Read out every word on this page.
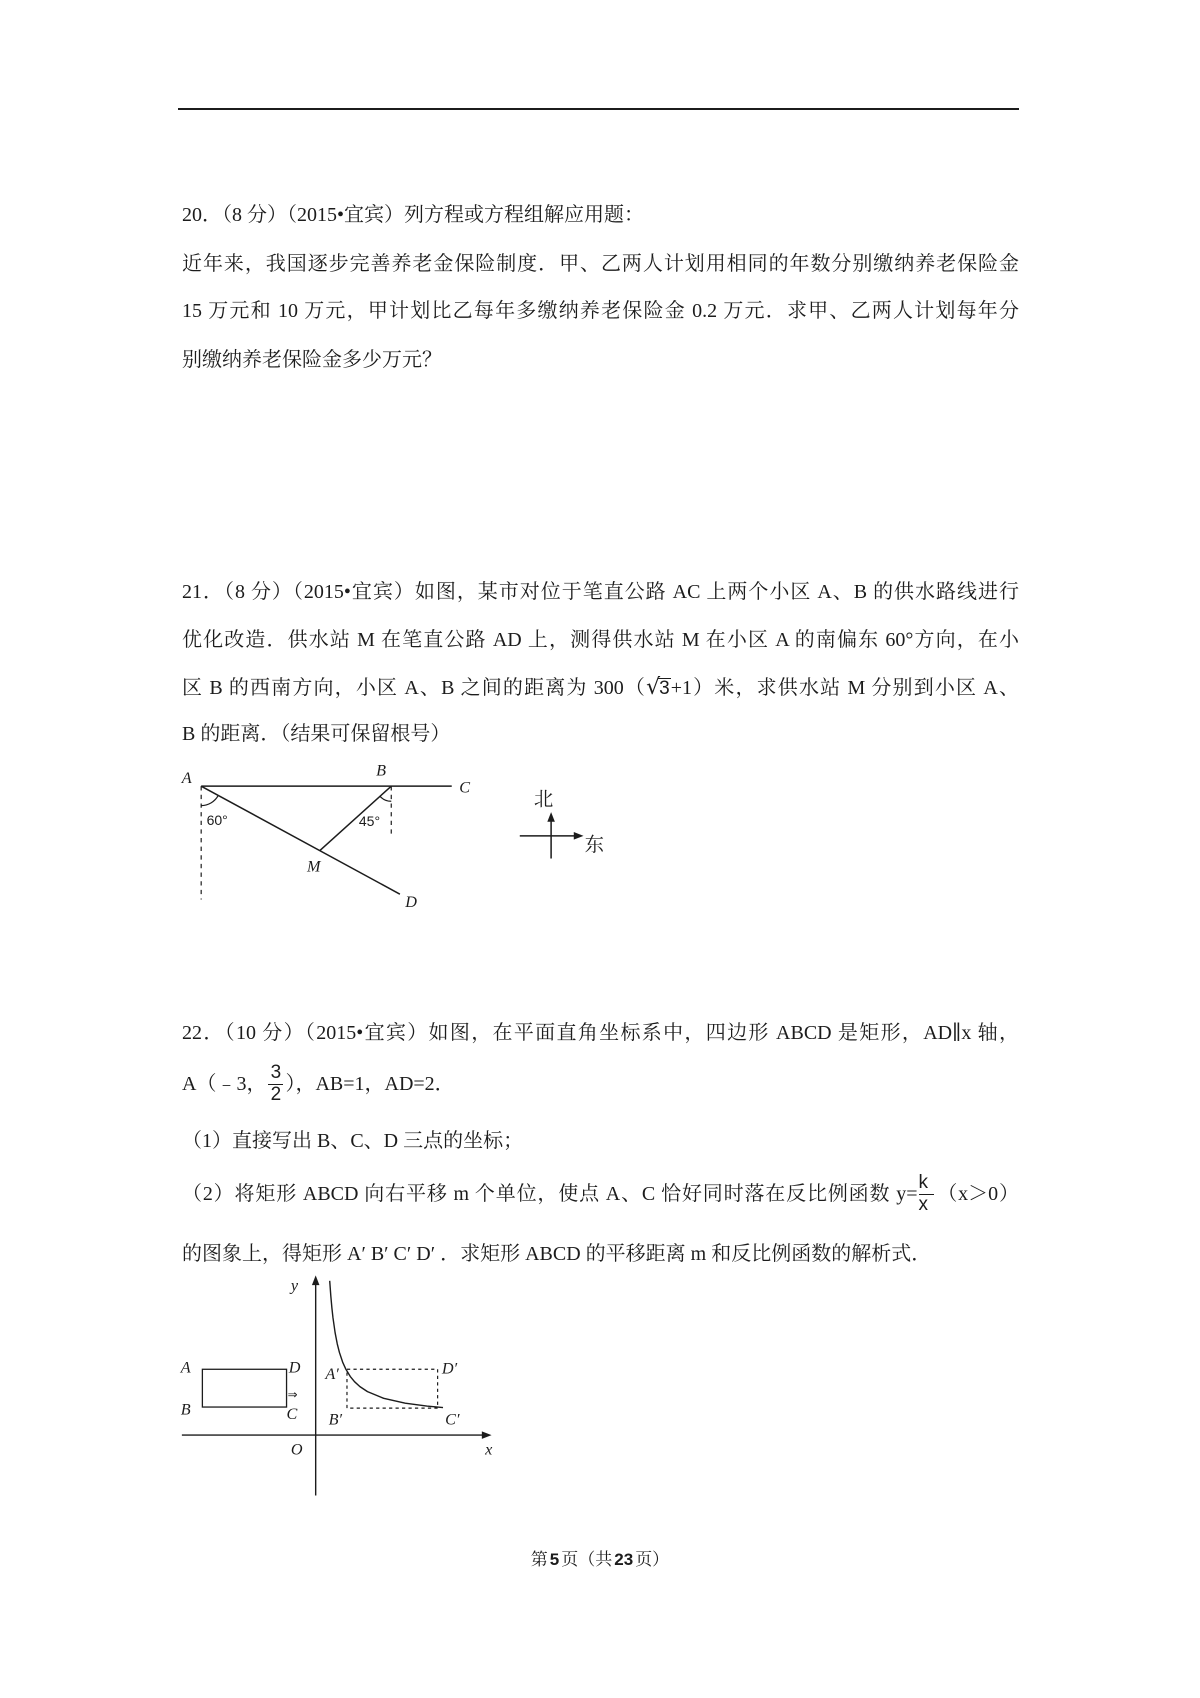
20．（8 分）（2015•宜宾）列方程或方程组解应用题：
近年来，我国逐步完善养老金保险制度．甲、乙两人计划用相同的年数分别缴纳养老保险金
15 万元和 10 万元，甲计划比乙每年多缴纳养老保险金 0.2 万元．求甲、乙两人计划每年分
别缴纳养老保险金多少万元？
21．（8 分）（2015•宜宾）如图，某市对位于笔直公路 AC 上两个小区 A、B 的供水路线进行
优化改造．供水站 M 在笔直公路 AD 上，测得供水站 M 在小区 A 的南偏东 60°方向，在小
区 B 的西南方向，小区 A、B 之间的距离为 300（√3+1）米，求供水站 M 分别到小区 A、
B 的距离．（结果可保留根号）
A	B
C
D
M
60°	45°
北
东
22．（10 分）（2015•宜宾）如图，在平面直角坐标系中，四边形 ABCD 是矩形，AD∥x 轴，
A（﹣3， $\frac{3}{2}$ ），AB=1，AD=2．
（1）直接写出 B、C、D 三点的坐标；
（2）将矩形 ABCD 向右平移 m 个单位，使点 A、C 恰好同时落在反比例函数 $y= \frac{k}{x} (x>0)$
的图象上，得矩形 A′ B′ C′ D′ ．求矩形 ABCD 的平移距离 m 和反比例函数的解析式．
y
x
O
A
B
D
C
⇒
A′	D′
B′	C′
第 5 页（共 23 页）
